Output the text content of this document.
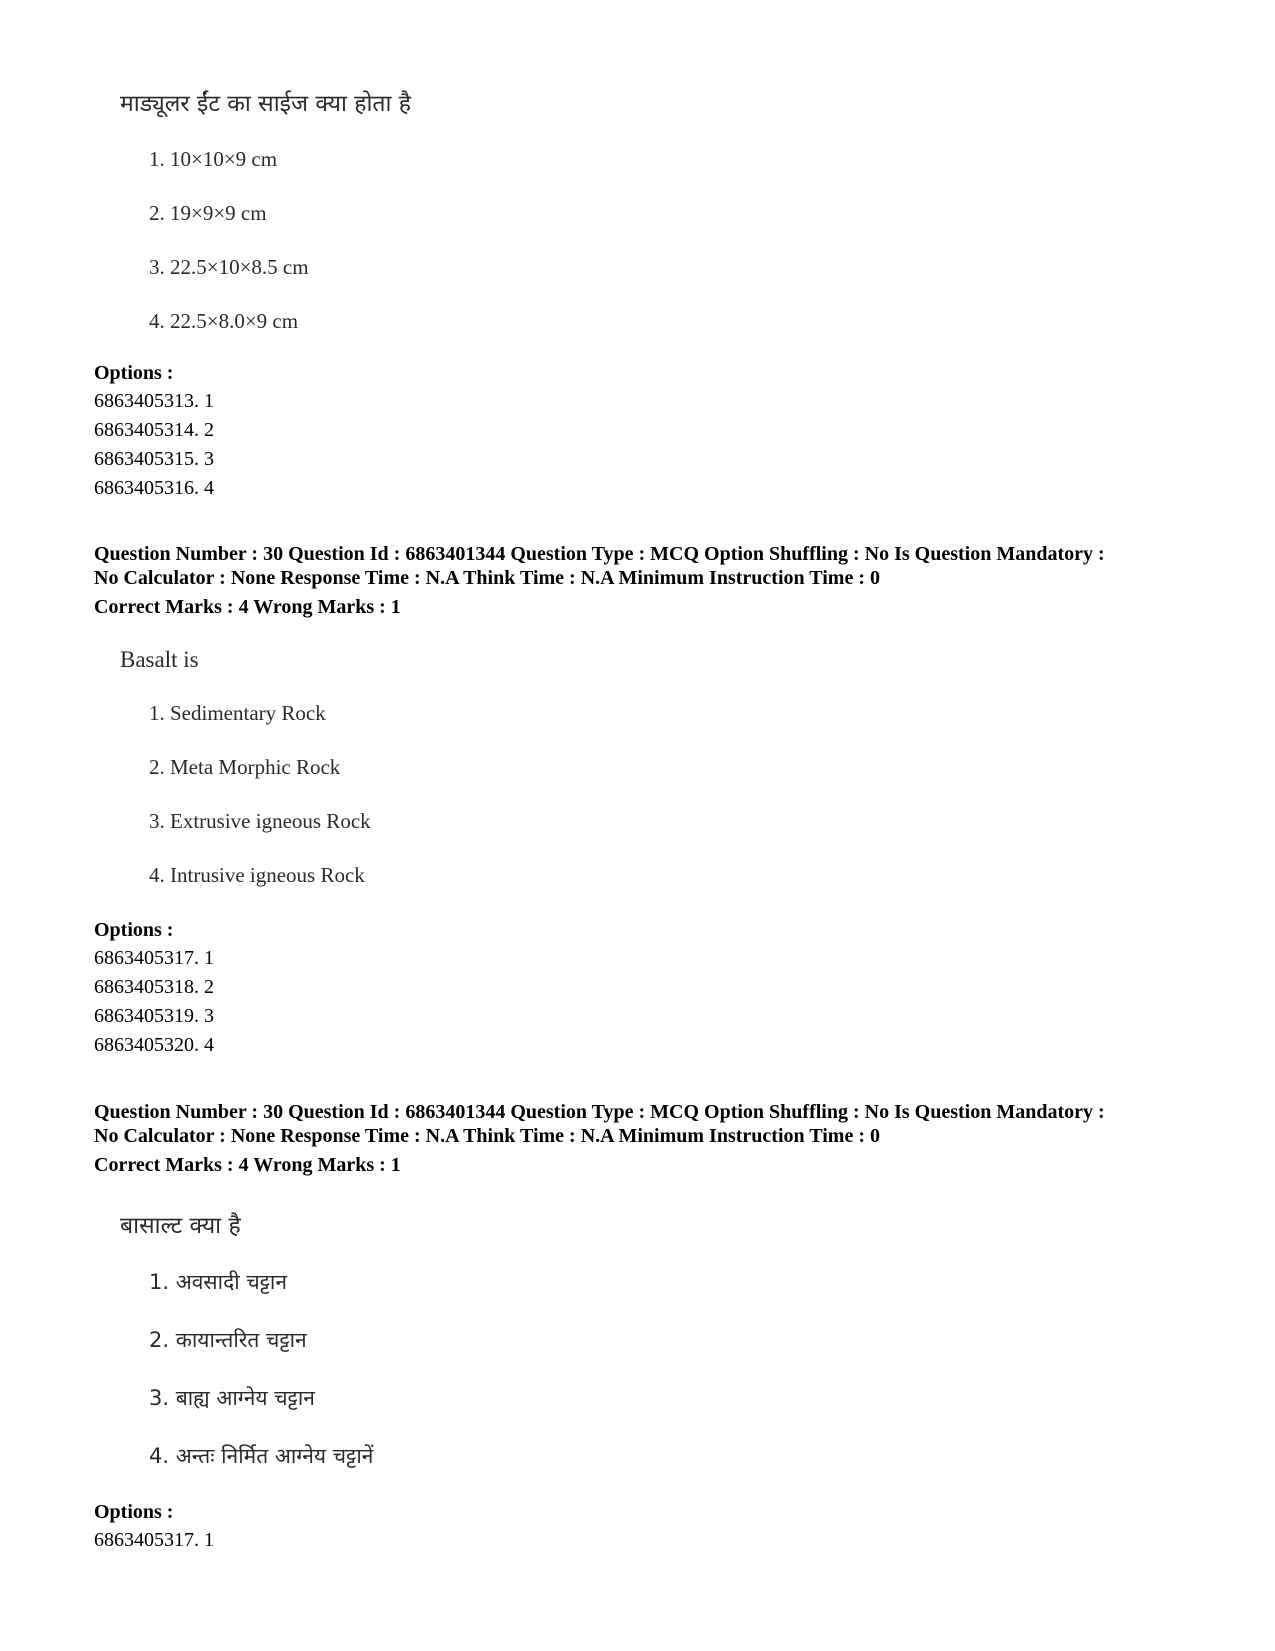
माड्यूलर ईंट का साईज क्या होता है
1. 10×10×9 cm
2. 19×9×9 cm
3. 22.5×10×8.5 cm
4. 22.5×8.0×9 cm
Options :
6863405313. 1
6863405314. 2
6863405315. 3
6863405316. 4
Question Number : 30 Question Id : 6863401344 Question Type : MCQ Option Shuffling : No Is Question Mandatory :
No Calculator : None Response Time : N.A Think Time : N.A Minimum Instruction Time : 0
Correct Marks : 4 Wrong Marks : 1
Basalt is
1. Sedimentary Rock
2. Meta Morphic Rock
3. Extrusive igneous Rock
4. Intrusive igneous Rock
Options :
6863405317. 1
6863405318. 2
6863405319. 3
6863405320. 4
Question Number : 30 Question Id : 6863401344 Question Type : MCQ Option Shuffling : No Is Question Mandatory :
No Calculator : None Response Time : N.A Think Time : N.A Minimum Instruction Time : 0
Correct Marks : 4 Wrong Marks : 1
बासाल्ट क्या है
1. अवसादी चट्टान
2. कायान्तरित चट्टान
3. बाह्य आग्नेय चट्टान
4. अन्तः निर्मित आग्नेय चट्टानें
Options :
6863405317. 1
